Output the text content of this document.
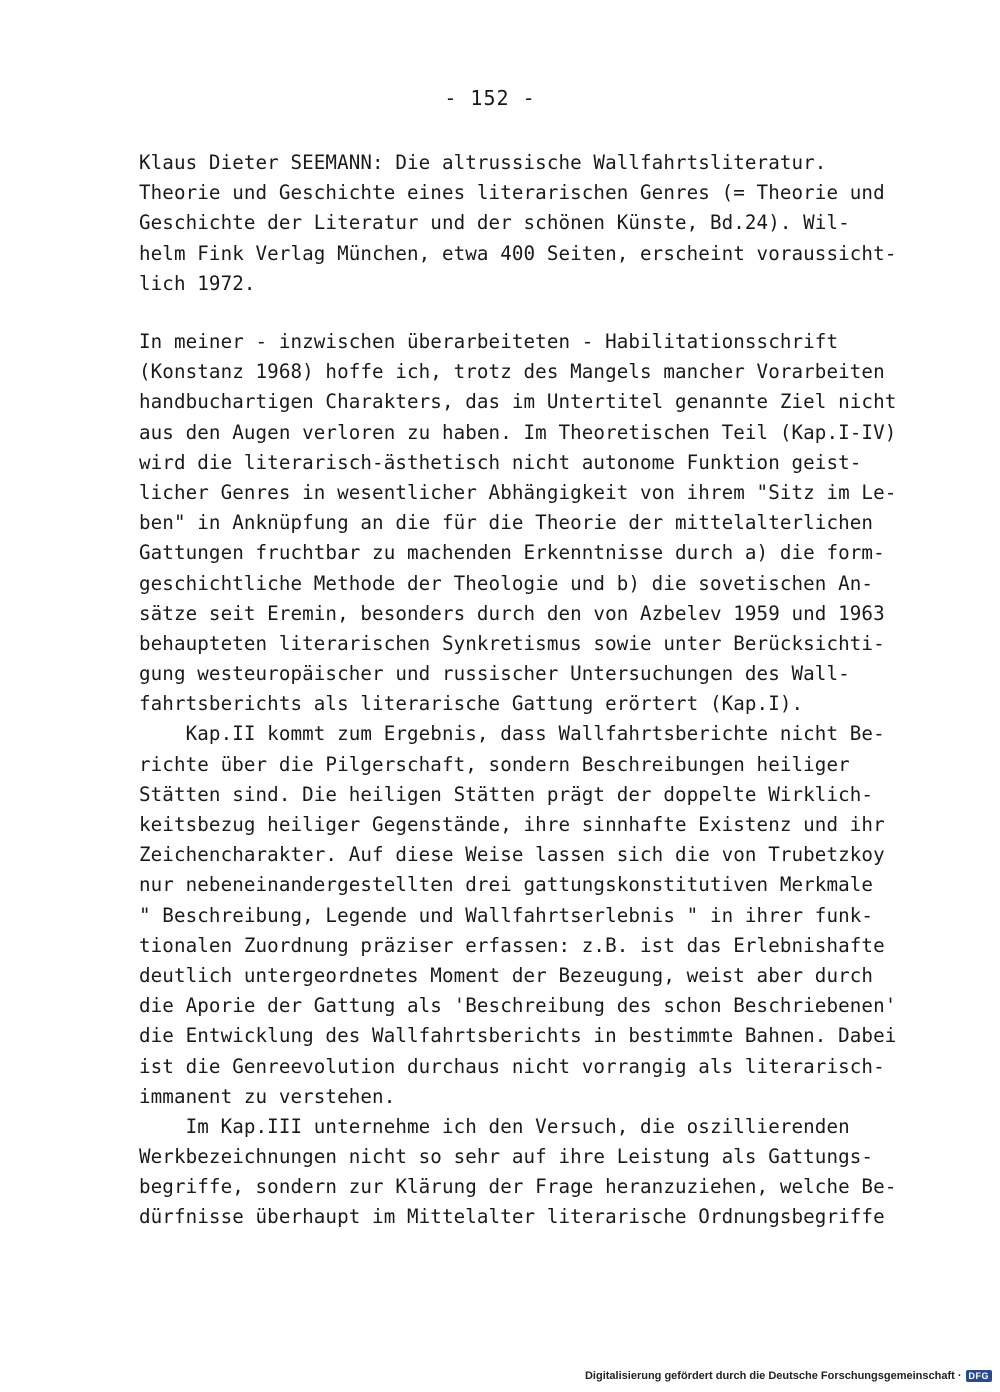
- 152 -
Klaus Dieter SEEMANN: Die altrussische Wallfahrtsliteratur.
Theorie und Geschichte eines literarischen Genres (= Theorie und
Geschichte der Literatur und der schönen Künste, Bd.24). Wil-
helm Fink Verlag München, etwa 400 Seiten, erscheint voraussicht-
lich 1972.
In meiner - inzwischen überarbeiteten - Habilitationsschrift
(Konstanz 1968) hoffe ich, trotz des Mangels mancher Vorarbeiten
handbuchartigen Charakters, das im Untertitel genannte Ziel nicht
aus den Augen verloren zu haben. Im Theoretischen Teil (Kap.I-IV)
wird die literarisch-ästhetisch nicht autonome Funktion geist-
licher Genres in wesentlicher Abhängigkeit von ihrem "Sitz im Le-
ben" in Anknüpfung an die für die Theorie der mittelalterlichen
Gattungen fruchtbar zu machenden Erkenntnisse durch a) die form-
geschichtliche Methode der Theologie und b) die sovetischen An-
sätze seit Eremin, besonders durch den von Azbelev 1959 und 1963
behaupteten literarischen Synkretismus sowie unter Berücksichti-
gung westeuropäischer und russischer Untersuchungen des Wall-
fahrtsberichts als literarische Gattung erörtert (Kap.I).
Kap.II kommt zum Ergebnis, dass Wallfahrtsberichte nicht Be-
richte über die Pilgerschaft, sondern Beschreibungen heiliger
Stätten sind. Die heiligen Stätten prägt der doppelte Wirklich-
keitsbezug heiliger Gegenstände, ihre sinnhafte Existenz und ihr
Zeichencharakter. Auf diese Weise lassen sich die von Trubetzkoy
nur nebeneinandergestellten drei gattungskonstitutiven Merkmale
" Beschreibung, Legende und Wallfahrtserlebnis " in ihrer funk-
tionalen Zuordnung präziser erfassen: z.B. ist das Erlebnishafte
deutlich untergeordnetes Moment der Bezeugung, weist aber durch
die Aporie der Gattung als 'Beschreibung des schon Beschriebenen'
die Entwicklung des Wallfahrtsberichts in bestimmte Bahnen. Dabei
ist die Genreevolution durchaus nicht vorrangig als literarisch-
immanent zu verstehen.
Im Kap.III unternehme ich den Versuch, die oszillierenden
Werkbezeichnungen nicht so sehr auf ihre Leistung als Gattungs-
begriffe, sondern zur Klärung der Frage heranzuziehen, welche Be-
dürfnisse überhaupt im Mittelalter literarische Ordnungsbegriffe
Digitalisierung gefördert durch die Deutsche Forschungsgemeinschaft · DFG
